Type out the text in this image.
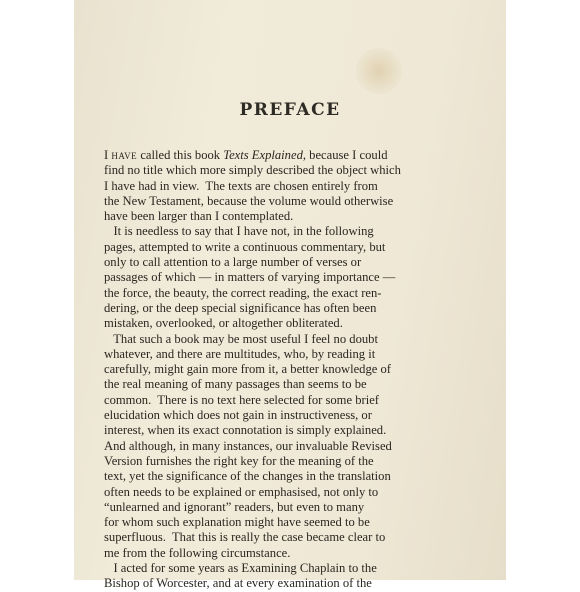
PREFACE
I have called this book Texts Explained, because I could
find no title which more simply described the object which
I have had in view.  The texts are chosen entirely from
the New Testament, because the volume would otherwise
have been larger than I contemplated.
It is needless to say that I have not, in the following
pages, attempted to write a continuous commentary, but
only to call attention to a large number of verses or
passages of which — in matters of varying importance —
the force, the beauty, the correct reading, the exact ren-
dering, or the deep special significance has often been
mistaken, overlooked, or altogether obliterated.
That such a book may be most useful I feel no doubt
whatever, and there are multitudes, who, by reading it
carefully, might gain more from it, a better knowledge of
the real meaning of many passages than seems to be
common.  There is no text here selected for some brief
elucidation which does not gain in instructiveness, or
interest, when its exact connotation is simply explained.
And although, in many instances, our invaluable Revised
Version furnishes the right key for the meaning of the
text, yet the significance of the changes in the translation
often needs to be explained or emphasised, not only to
“unlearned and ignorant” readers, but even to many
for whom such explanation might have seemed to be
superfluous.  That this is really the case became clear to
me from the following circumstance.
I acted for some years as Examining Chaplain to the
Bishop of Worcester, and at every examination of the
